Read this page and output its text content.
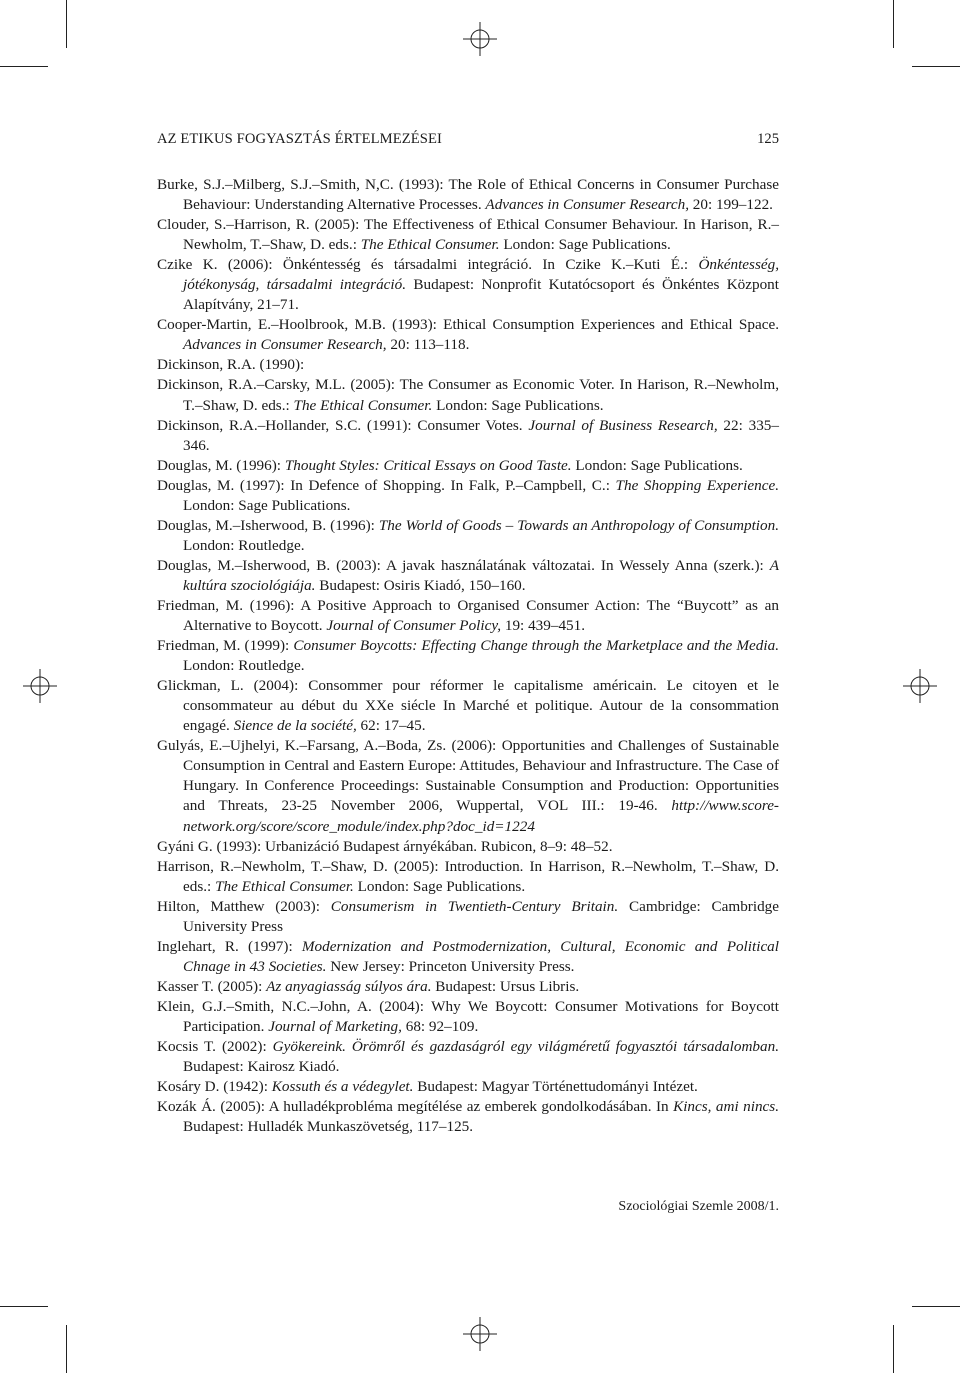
AZ ETIKUS FOGYASZTÁS ÉRTELMEZÉSEI	125

Burke, S.J.–Milberg, S.J.–Smith, N,C. (1993): The Role of Ethical Concerns in Consumer Purchase Behaviour: Understanding Alternative Processes. Advances in Consumer Research, 20: 199–122.

Clouder, S.–Harrison, R. (2005): The Effectiveness of Ethical Consumer Behaviour. In Harison, R.–Newholm, T.–Shaw, D. eds.: The Ethical Consumer. London: Sage Publications.

Czike K. (2006): Önkéntesség és társadalmi integráció. In Czike K.–Kuti É.: Önkéntesség, jótékonyság, társadalmi integráció. Budapest: Nonprofit Kutatócsoport és Önkéntes Központ Alapítvány, 21–71.

Cooper-Martin, E.–Hoolbrook, M.B. (1993): Ethical Consumption Experiences and Ethical Space. Advances in Consumer Research, 20: 113–118.

Dickinson, R.A. (1990):

Dickinson, R.A.–Carsky, M.L. (2005): The Consumer as Economic Voter. In Harison, R.–Newholm, T.–Shaw, D. eds.: The Ethical Consumer. London: Sage Publications.

Dickinson, R.A.–Hollander, S.C. (1991): Consumer Votes. Journal of Business Research, 22: 335–346.

Douglas, M. (1996): Thought Styles: Critical Essays on Good Taste. London: Sage Publications.

Douglas, M. (1997): In Defence of Shopping. In Falk, P.–Campbell, C.: The Shopping Experience. London: Sage Publications.

Douglas, M.–Isherwood, B. (1996): The World of Goods – Towards an Anthropology of Consumption. London: Routledge.

Douglas, M.–Isherwood, B. (2003): A javak használatának változatai. In Wessely Anna (szerk.): A kultúra szociológiája. Budapest: Osiris Kiadó, 150–160.

Friedman, M. (1996): A Positive Approach to Organised Consumer Action: The “Buycott” as an Alternative to Boycott. Journal of Consumer Policy, 19: 439–451.

Friedman, M. (1999): Consumer Boycotts: Effecting Change through the Marketplace and the Media. London: Routledge.

Glickman, L. (2004): Consommer pour réformer le capitalisme américain. Le citoyen et le consommateur au début du XXe siécle In Marché et politique. Autour de la consommation engagé. Sience de la société, 62: 17–45.

Gulyás, E.–Ujhelyi, K.–Farsang, A.–Boda, Zs. (2006): Opportunities and Challenges of Sustainable Consumption in Central and Eastern Europe: Attitudes, Behaviour and Infrastructure. The Case of Hungary. In Conference Proceedings: Sustainable Consumption and Production: Opportunities and Threats, 23-25 November 2006, Wuppertal, VOL III.: 19-46. http://www.score-network.org/score/score_module/index.php?doc_id=1224

Gyáni G. (1993): Urbanizáció Budapest árnyékában. Rubicon, 8–9: 48–52.

Harrison, R.–Newholm, T.–Shaw, D. (2005): Introduction. In Harrison, R.–Newholm, T.–Shaw, D. eds.: The Ethical Consumer. London: Sage Publications.

Hilton, Matthew (2003): Consumerism in Twentieth-Century Britain. Cambridge: Cambridge University Press

Inglehart, R. (1997): Modernization and Postmodernization, Cultural, Economic and Political Chnage in 43 Societies. New Jersey: Princeton University Press.

Kasser T. (2005): Az anyagiasság súlyos ára. Budapest: Ursus Libris.

Klein, G.J.–Smith, N.C.–John, A. (2004): Why We Boycott: Consumer Motivations for Boycott Participation. Journal of Marketing, 68: 92–109.

Kocsis T. (2002): Gyökereink. Örömről és gazdaságról egy világméretű fogyasztói társadalomban. Budapest: Kairosz Kiadó.

Kosáry D. (1942): Kossuth és a védegylet. Budapest: Magyar Történettudományi Intézet.

Kozák Á. (2005): A hulladékprobléma megítélése az emberek gondolkodásában. In Kincs, ami nincs. Budapest: Hulladék Munkaszövetség, 117–125.

Szociológiai Szemle 2008/1.
